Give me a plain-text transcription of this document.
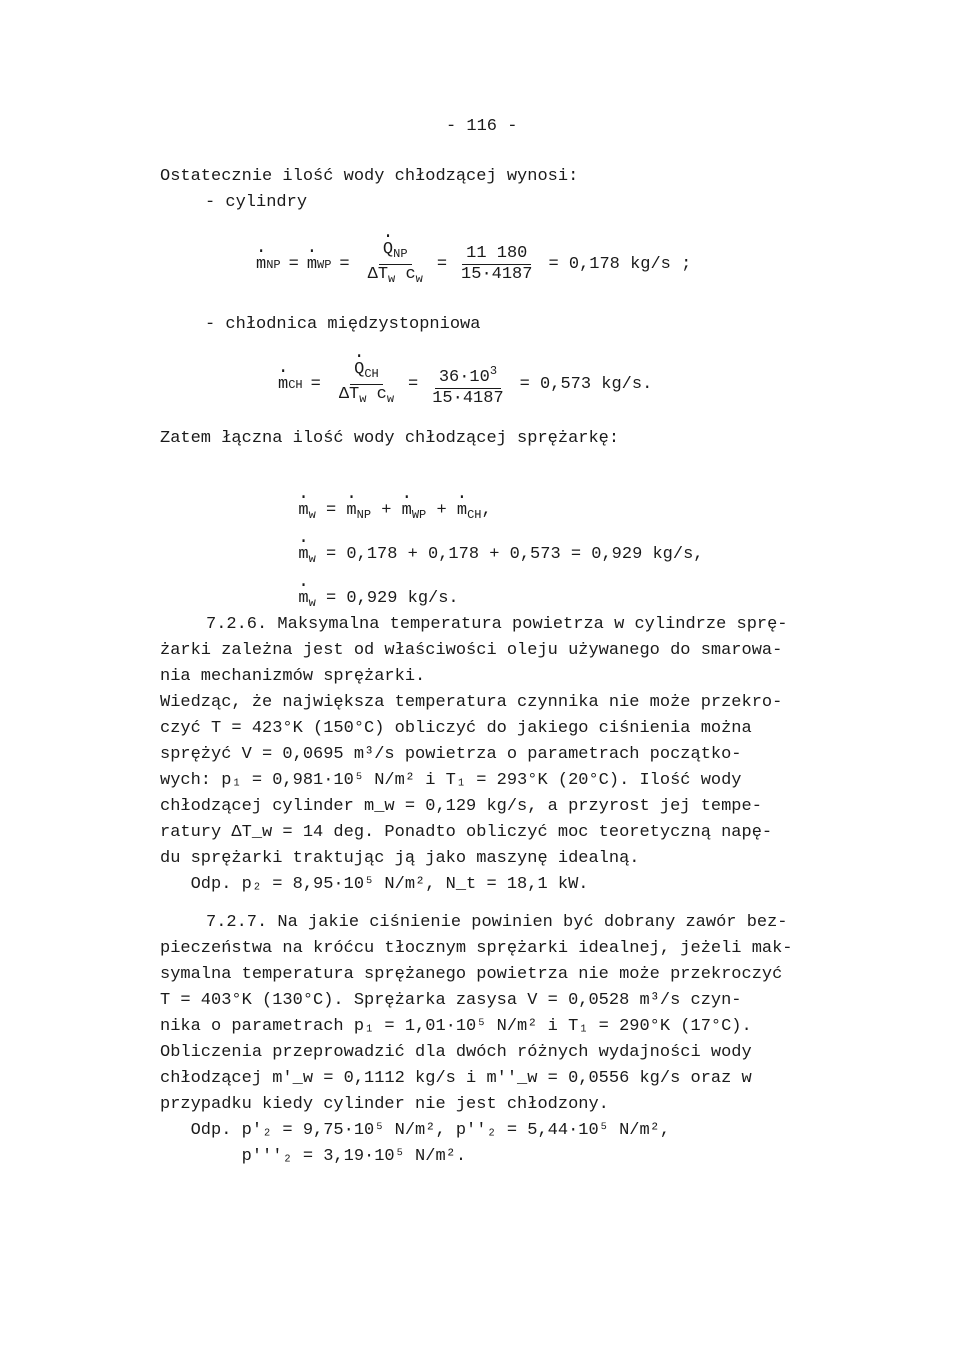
- 116 -
Ostatecznie ilość wody chłodzącej wynosi:
- cylindry
· m NP = · m WP = · $\frac{Q_{NP}}{\Delta T_w c_w} = \frac{11 180}{15\cdot 4187} = 0,178$ kg/s ;
- chłodnica międzystopniowa
· m CH = · $\frac{Q_{CH}}{\Delta T_w c_w} = \frac{36\cdot 10^3}{15\cdot 4187} = 0,573$ kg/s.
Zatem łączna ilość wody chłodzącej sprężarkę:

· $m_w$ = · $m_{NP}$ + · $m_{WP}$ + · $m_{CH}$,

· $m_w = 0,178 + 0,178 + 0,573 = 0,929$ kg/s,

· $m_w = 0,929$ kg/s.

7.2.6. Maksymalna temperatura powietrza w cylindrze sprę-
żarki zależna jest od właściwości oleju używanego do smarowa-
nia mechanizmów sprężarki.
Wiedząc, że największa temperatura czynnika nie może przekro-
czyć T = 423°K (150°C) obliczyć do jakiego ciśnienia można
sprężyć V = 0,0695 m³/s powietrza o parametrach początko-
wych: p₁ = 0,981·10⁵ N/m² i T₁ = 293°K (20°C). Ilość wody
chłodzącej cylinder m_w = 0,129 kg/s, a przyrost jej tempe-
ratury ΔT_w = 14 deg. Ponadto obliczyć moc teoretyczną napę-
du sprężarki traktując ją jako maszynę idealną.
Odp. p₂ = 8,95·10⁵ N/m², N_t = 18,1 kW.
7.2.7. Na jakie ciśnienie powinien być dobrany zawór bez-
pieczeństwa na króćcu tłocznym sprężarki idealnej, jeżeli mak-
symalna temperatura sprężanego powietrza nie może przekroczyć
T = 403°K (130°C). Sprężarka zasysa V = 0,0528 m³/s czyn-
nika o parametrach p₁ = 1,01·10⁵ N/m² i T₁ = 290°K (17°C).
Obliczenia przeprowadzić dla dwóch różnych wydajności wody
chłodzącej m'_w = 0,1112 kg/s i m''_w = 0,0556 kg/s oraz w
przypadku kiedy cylinder nie jest chłodzony.
Odp. p'₂ = 9,75·10⁵ N/m², p''₂ = 5,44·10⁵ N/m²,
p'''₂ = 3,19·10⁵ N/m².
